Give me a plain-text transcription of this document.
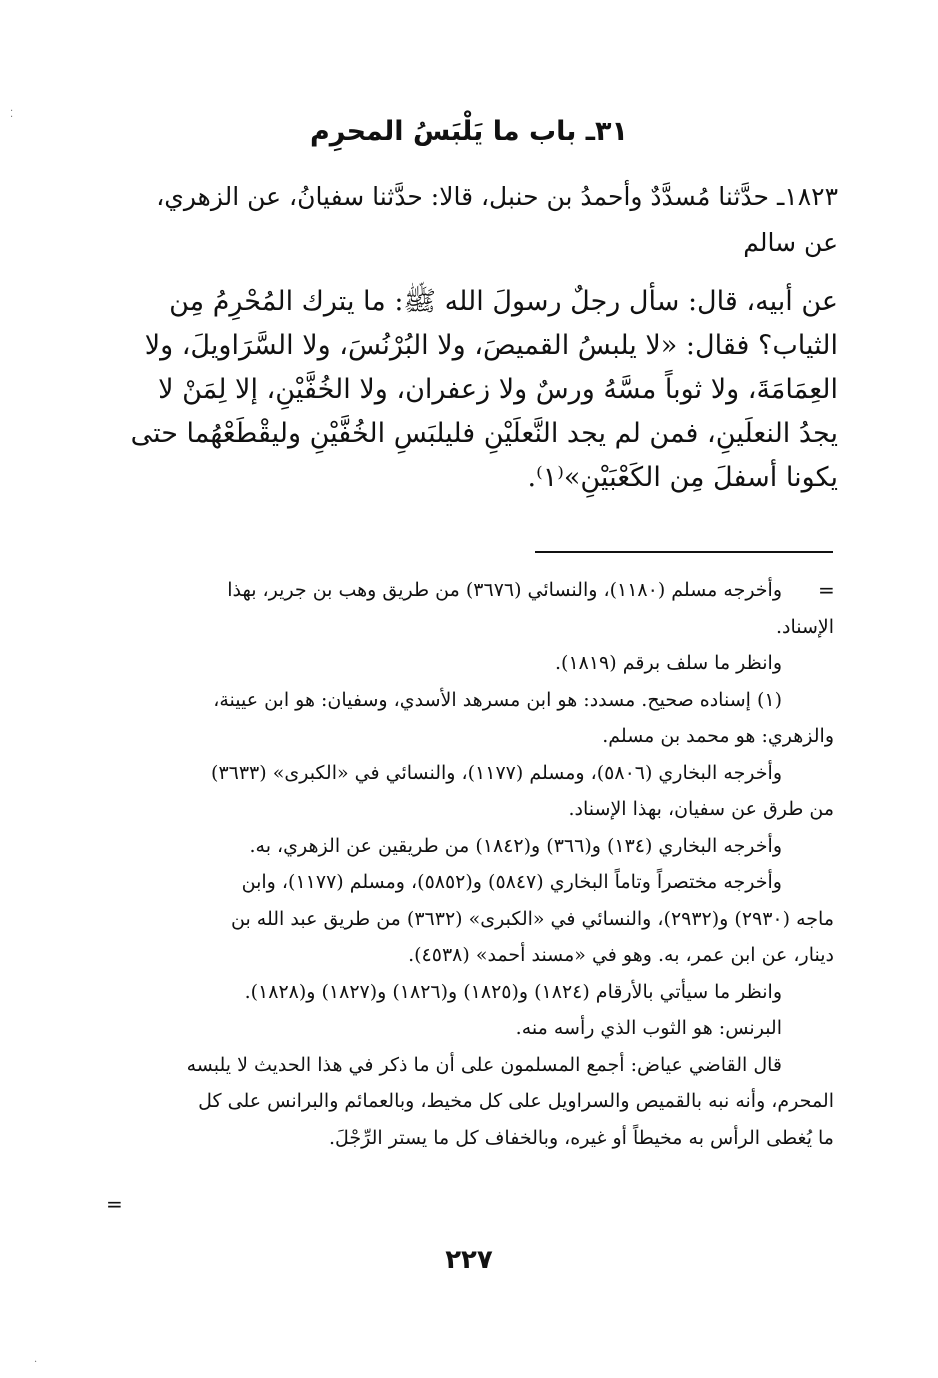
٣١ـ باب ما يَلْبَسُ المحرِم
١٨٢٣ـ حدَّثنا مُسدَّدٌ وأحمدُ بن حنبل، قالا: حدَّثنا سفيانُ، عن الزهري،
عن سالم
عن أبيه، قال: سأل رجلٌ رسولَ الله ﷺ: ما يترك المُحْرِمُ مِن
الثياب؟ فقال: «لا يلبسُ القميصَ، ولا البُرْنُسَ، ولا السَّرَاويلَ، ولا
العِمَامَةَ، ولا ثوباً مسَّهُ ورسٌ ولا زعفران، ولا الخُفَّيْنِ، إلا لِمَنْ لا
يجدُ النعلَينِ، فمن لم يجد النَّعلَيْنِ فليلبَسِ الخُفَّيْنِ وليقْطَعْهُما حتى
يكونا أسفلَ مِن الكَعْبَيْنِ»⁽١⁾.
=
وأخرجه مسلم (١١٨٠)، والنسائي (٣٦٧٦) من طريق وهب بن جرير، بهذا
الإسناد.
وانظر ما سلف برقم (١٨١٩).
(١) إسناده صحيح. مسدد: هو ابن مسرهد الأسدي، وسفيان: هو ابن عيينة،
والزهري: هو محمد بن مسلم.
وأخرجه البخاري (٥٨٠٦)، ومسلم (١١٧٧)، والنسائي في «الكبرى» (٣٦٣٣)
من طرق عن سفيان، بهذا الإسناد.
وأخرجه البخاري (١٣٤) و(٣٦٦) و(١٨٤٢) من طريقين عن الزهري، به.
وأخرجه مختصراً وتاماً البخاري (٥٨٤٧) و(٥٨٥٢)، ومسلم (١١٧٧)، وابن
ماجه (٢٩٣٠) و(٢٩٣٢)، والنسائي في «الكبرى» (٣٦٣٢) من طريق عبد الله بن
دينار، عن ابن عمر، به. وهو في «مسند أحمد» (٤٥٣٨).
وانظر ما سيأتي بالأرقام (١٨٢٤) و(١٨٢٥) و(١٨٢٦) و(١٨٢٧) و(١٨٢٨).
البرنس: هو الثوب الذي رأسه منه.
قال القاضي عياض: أجمع المسلمون على أن ما ذكر في هذا الحديث لا يلبسه
المحرم، وأنه نبه بالقميص والسراويل على كل مخيط، وبالعمائم والبرانس على كل
ما يُغطى الرأس به مخيطاً أو غيره، وبالخفاف كل ما يستر الرِّجْلَ.
=
٢٢٧
⁚
·
